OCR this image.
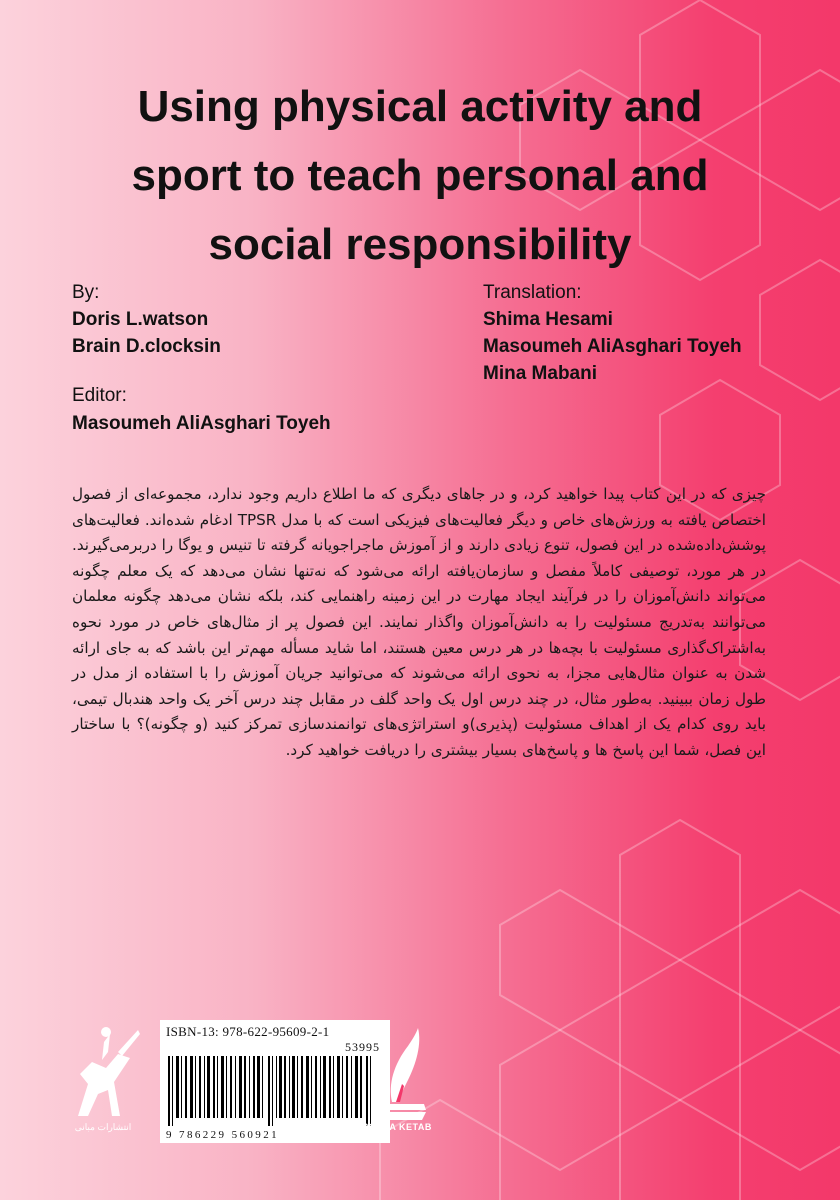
Using physical activity and
sport to teach personal and
social responsibility
By:
Doris L.watson
Brain D.clocksin
Translation:
Shima Hesami
Masoumeh AliAsghari Toyeh
Mina Mabani
Editor:
Masoumeh AliAsghari Toyeh

چیزی که در این کتاب پیدا خواهید کرد، و در جاهای دیگری که ما اطلاع داریم وجود ندارد، مجموعه‌ای از فصول اختصاص یافته به ورزش‌های خاص و دیگر فعالیت‌های فیزیکی است که با مدل TPSR ادغام شده‌اند. فعالیت‌های پوشش‌داده‌شده در این فصول، تنوع زیادی دارند و از آموزش ماجراجویانه گرفته تا تنیس و یوگا را دربرمی‌گیرند. در هر مورد، توصیفی کاملاً مفصل و سازمان‌یافته ارائه می‌شود که نه‌تنها نشان می‌دهد که یک معلم چگونه می‌تواند دانش‌آموزان را در فرآیند ایجاد مهارت در این زمینه راهنمایی کند، بلکه نشان می‌دهد چگونه معلمان می‌توانند به‌تدریج مسئولیت را به دانش‌آموزان واگذار نمایند. این فصول پر از مثال‌های خاص در مورد نحوه به‌اشتراک‌گذاری مسئولیت با بچه‌ها در هر درس معین هستند، اما شاید مسأله مهم‌تر این باشد که به جای ارائه شدن به عنوان مثال‌هایی مجزا، به نحوی ارائه می‌شوند که می‌توانید جریان آموزش را با استفاده از مدل در طول زمان ببینید. به‌طور مثال، در چند درس اول یک واحد گلف در مقابل چند درس آخر یک واحد هندبال تیمی، باید روی کدام یک از اهداف مسئولیت (پذیری)و استراتژی‌های توانمندسازی تمرکز کنید (و چگونه)؟ با ساختار این فصل، شما این پاسخ ها و پاسخ‌های بسیار بیشتری را دریافت خواهید کرد.

انتشارات مبانی
ISBN-13: 978-622-95609-2-1
53995
9 786229 560921
POOYA KETAB
